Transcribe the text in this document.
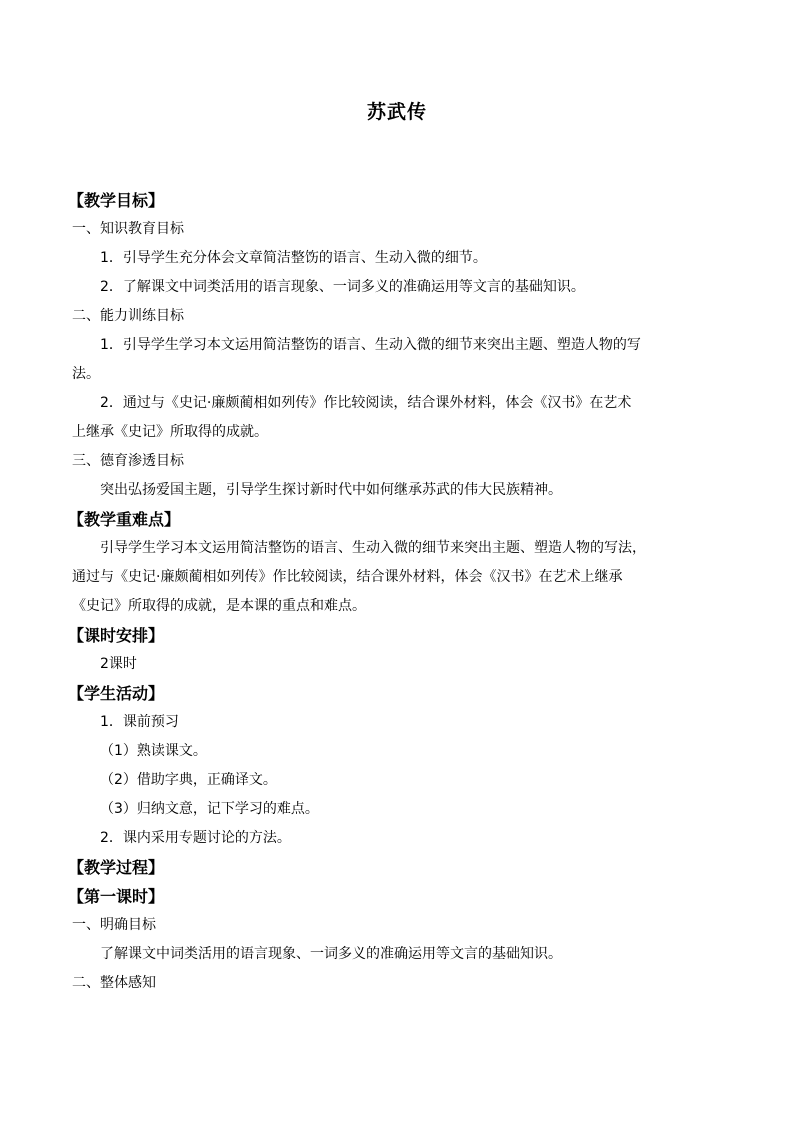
苏武传
【教学目标】
一、知识教育目标
1．引导学生充分体会文章简洁整饬的语言、生动入微的细节。
2．了解课文中词类活用的语言现象、一词多义的准确运用等文言的基础知识。
二、能力训练目标
1．引导学生学习本文运用简洁整饬的语言、生动入微的细节来突出主题、塑造人物的写
法。
2．通过与《史记·廉颇蔺相如列传》作比较阅读，结合课外材料，体会《汉书》在艺术
上继承《史记》所取得的成就。
三、德育渗透目标
突出弘扬爱国主题，引导学生探讨新时代中如何继承苏武的伟大民族精神。
【教学重难点】
引导学生学习本文运用简洁整饬的语言、生动入微的细节来突出主题、塑造人物的写法，
通过与《史记·廉颇蔺相如列传》作比较阅读，结合课外材料，体会《汉书》在艺术上继承
《史记》所取得的成就，是本课的重点和难点。
【课时安排】
2课时
【学生活动】
1．课前预习
（1）熟读课文。
（2）借助字典，正确译文。
（3）归纳文意，记下学习的难点。
2．课内采用专题讨论的方法。
【教学过程】
【第一课时】
一、明确目标
了解课文中词类活用的语言现象、一词多义的准确运用等文言的基础知识。
二、整体感知
